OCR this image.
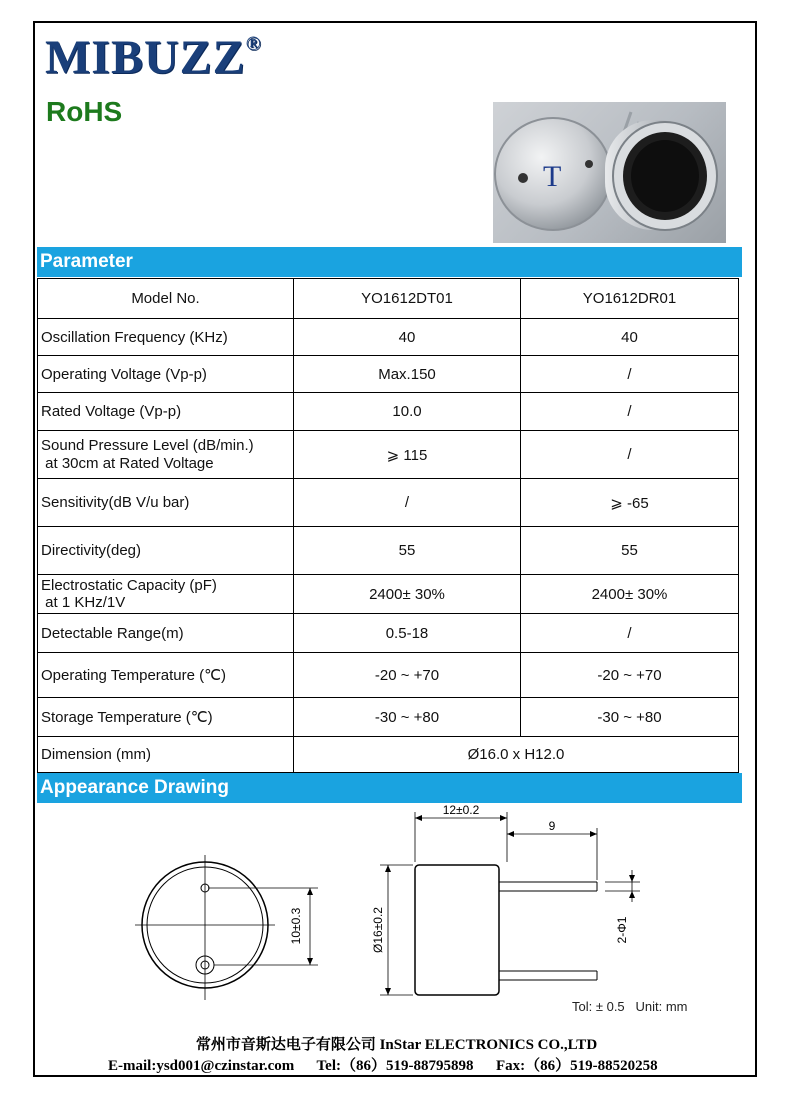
MIBUZZ®
RoHS
T
Parameter
Model No.	YO1612DT01	YO1612DR01
Oscillation Frequency (KHz)	40	40
Operating Voltage (Vp-p)	Max.150	/
Rated Voltage (Vp-p)	10.0	/
Sound Pressure Level (dB/min.)
at 30cm at Rated Voltage	⩾ 115	/
Sensitivity(dB V/u bar)	/	⩾ -65
Directivity(deg)	55	55
Electrostatic Capacity (pF)
at 1 KHz/1V	2400± 30%	2400± 30%
Detectable Range(m)	0.5-18	/
Operating Temperature (℃)	-20 ~ +70	-20 ~ +70
Storage Temperature (℃)	-30 ~ +80	-30 ~ +80
Dimension (mm)	Ø16.0 x H12.0	
Appearance Drawing
10±0.3
12±0.2
9
Ø16±0.2	2-Φ1
Tol: ± 0.5   Unit: mm
常州市音斯达电子有限公司 InStar ELECTRONICS CO.,LTD
E-mail:ysd001@czinstar.com      Tel:（86）519-88795898      Fax:（86）519-88520258
